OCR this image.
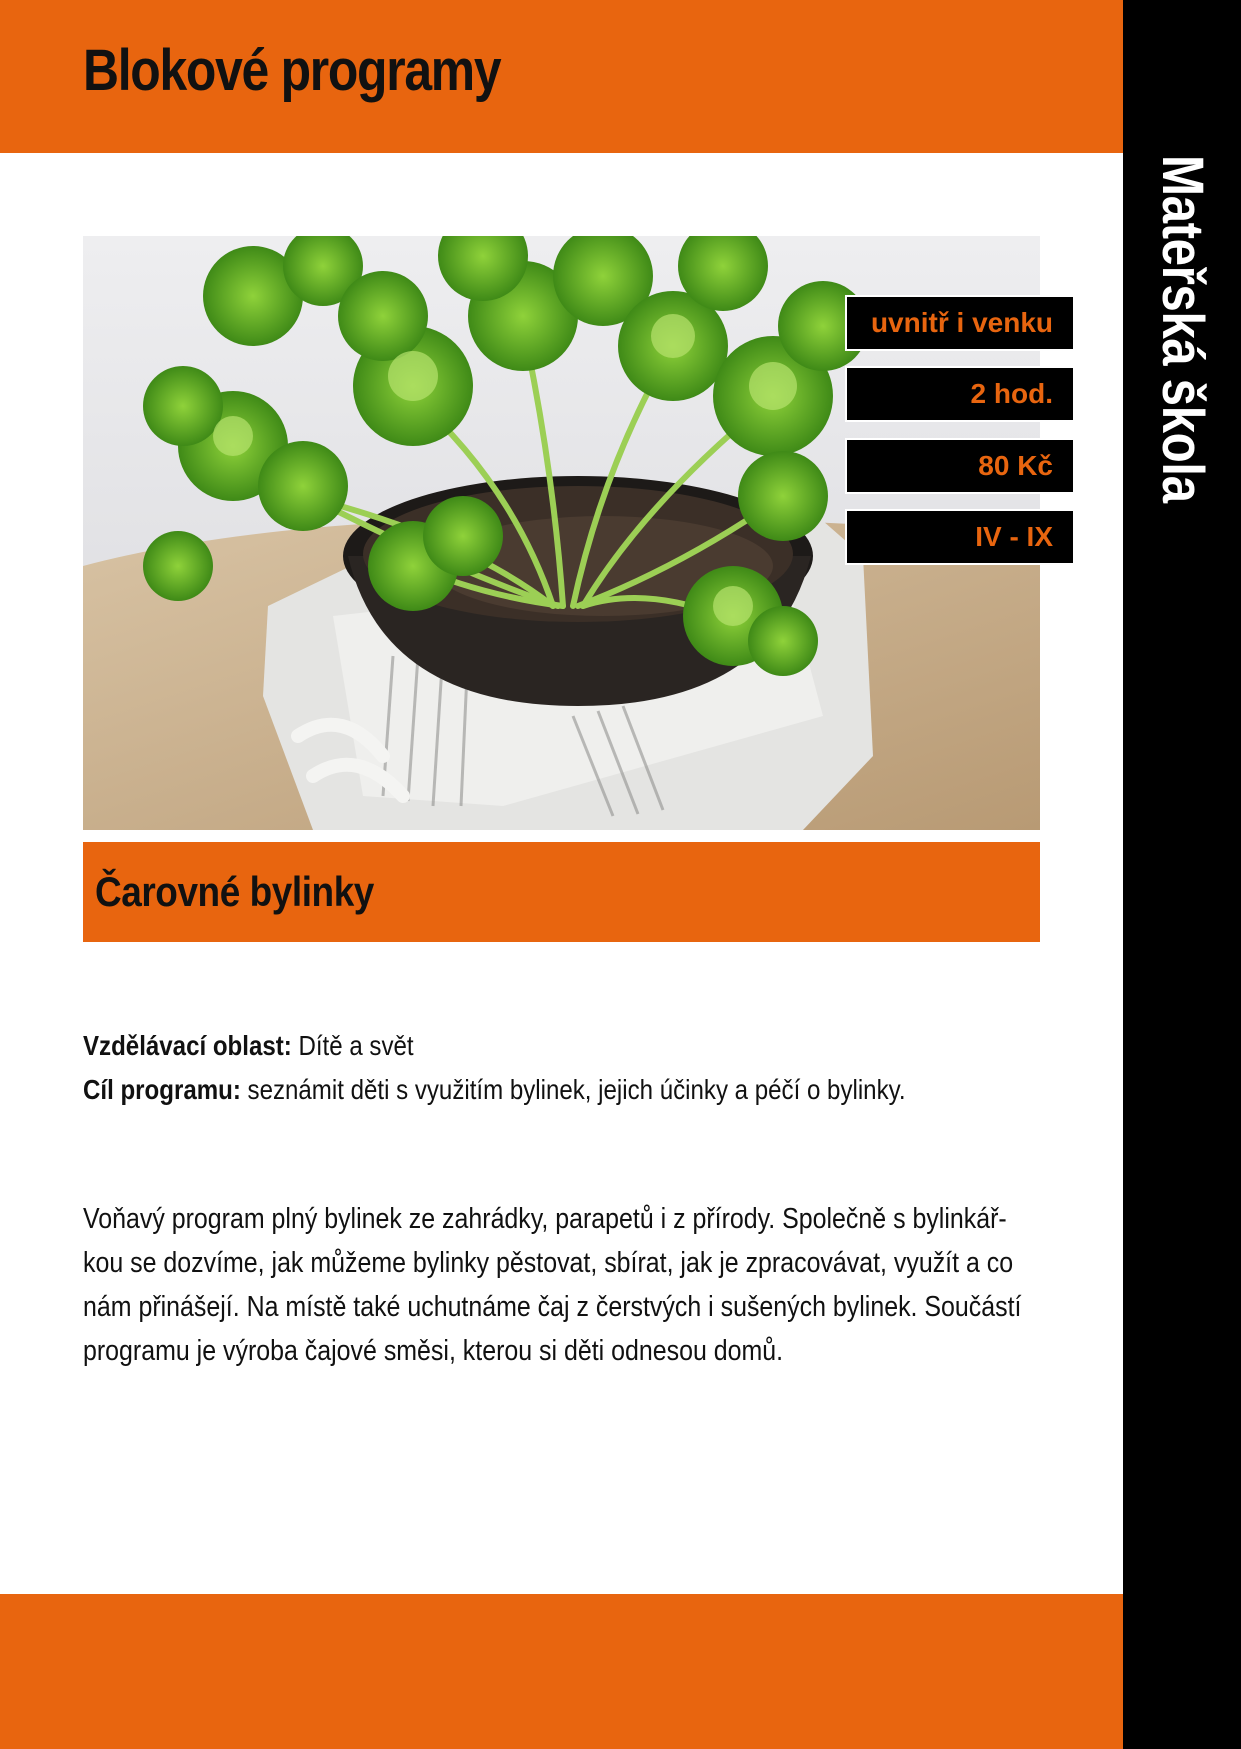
Blokové programy
Mateřská škola
uvnitř i venku
2 hod.
80 Kč
IV - IX
Čarovné bylinky
Vzdělávací oblast: Dítě a svět
Cíl programu: seznámit děti s využitím bylinek, jejich účinky a péčí o bylinky.

Voňavý program plný bylinek ze zahrádky, parapetů i z přírody. Společně s bylinkář-
kou se dozvíme, jak můžeme bylinky pěstovat, sbírat, jak je zpracovávat, využít a co
nám přinášejí. Na místě také uchutnáme čaj z čerstvých i sušených bylinek. Součástí
programu je výroba čajové směsi, kterou si děti odnesou domů.
